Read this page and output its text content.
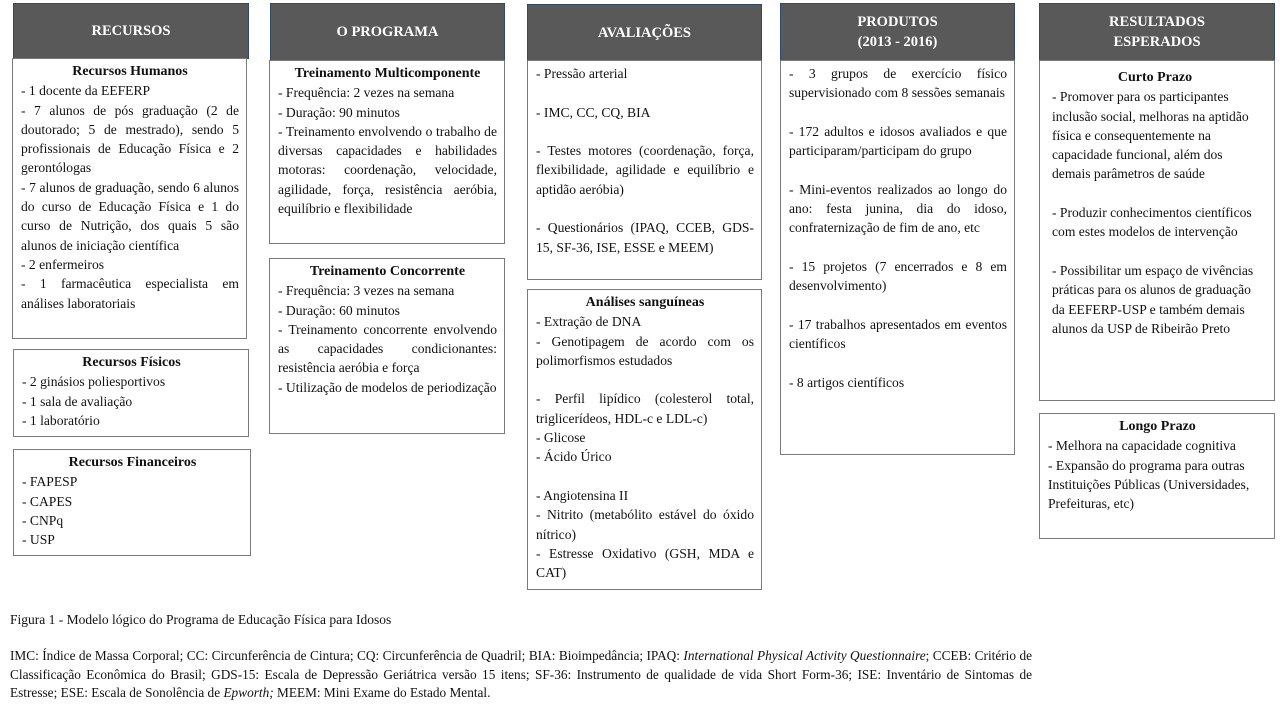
RECURSOS
Recursos Humanos
- 1 docente da EEFERP
- 7 alunos de pós graduação (2 de doutorado; 5 de mestrado), sendo 5 profissionais de Educação Física e 2 gerontólogas
- 7 alunos de graduação, sendo 6 alunos do curso de Educação Física e 1 do curso de Nutrição, dos quais 5 são alunos de iniciação científica
- 2 enfermeiros
- 1 farmacêutica especialista em análises laboratoriais
Recursos Físicos
- 2 ginásios poliesportivos
- 1 sala de avaliação
- 1 laboratório
Recursos Financeiros
- FAPESP
- CAPES
- CNPq
- USP
O PROGRAMA
Treinamento Multicomponente
- Frequência: 2 vezes na semana
- Duração: 90 minutos
- Treinamento envolvendo o trabalho de diversas capacidades e habilidades motoras: coordenação, velocidade, agilidade, força, resistência aeróbia, equilíbrio e flexibilidade
Treinamento Concorrente
- Frequência: 3 vezes na semana
- Duração: 60 minutos
- Treinamento concorrente envolvendo as capacidades condicionantes: resistência aeróbia e força
- Utilização de modelos de periodização
AVALIAÇÕES
- Pressão arterial
- IMC, CC, CQ, BIA
- Testes motores (coordenação, força, flexibilidade, agilidade e equilíbrio e aptidão aeróbia)
- Questionários (IPAQ, CCEB, GDS-15, SF-36, ISE, ESSE e MEEM)
Análises sanguíneas
- Extração de DNA
- Genotipagem de acordo com os polimorfismos estudados
- Perfil lipídico (colesterol total, triglicerídeos, HDL-c e LDL-c)
- Glicose
- Ácido Úrico
- Angiotensina II
- Nitrito (metabólito estável do óxido nítrico)
- Estresse Oxidativo (GSH, MDA e CAT)
PRODUTOS
(2013 - 2016)
- 3 grupos de exercício físico supervisionado com 8 sessões semanais
- 172 adultos e idosos avaliados e que participaram/participam do grupo
- Mini-eventos realizados ao longo do ano: festa junina, dia do idoso, confraternização de fim de ano, etc
- 15 projetos (7 encerrados e 8 em desenvolvimento)
- 17 trabalhos apresentados em eventos científicos
- 8 artigos científicos
RESULTADOS
ESPERADOS
Curto Prazo
- Promover para os participantes inclusão social, melhoras na aptidão física e consequentemente na capacidade funcional, além dos demais parâmetros de saúde
- Produzir conhecimentos científicos com estes modelos de intervenção
- Possibilitar um espaço de vivências práticas para os alunos de graduação da EEFERP-USP e também demais alunos da USP de Ribeirão Preto
Longo Prazo
- Melhora na capacidade cognitiva
- Expansão do programa para outras Instituições Públicas (Universidades, Prefeituras, etc)
Figura 1 - Modelo lógico do Programa de Educação Física para Idosos
IMC: Índice de Massa Corporal; CC: Circunferência de Cintura; CQ: Circunferência de Quadril; BIA: Bioimpedância; IPAQ: International Physical Activity Questionnaire; CCEB: Critério de Classificação Econômica do Brasil; GDS-15: Escala de Depressão Geriátrica versão 15 itens; SF-36: Instrumento de qualidade de vida Short Form-36; ISE: Inventário de Sintomas de Estresse; ESE: Escala de Sonolência de Epworth; MEEM: Mini Exame do Estado Mental.
